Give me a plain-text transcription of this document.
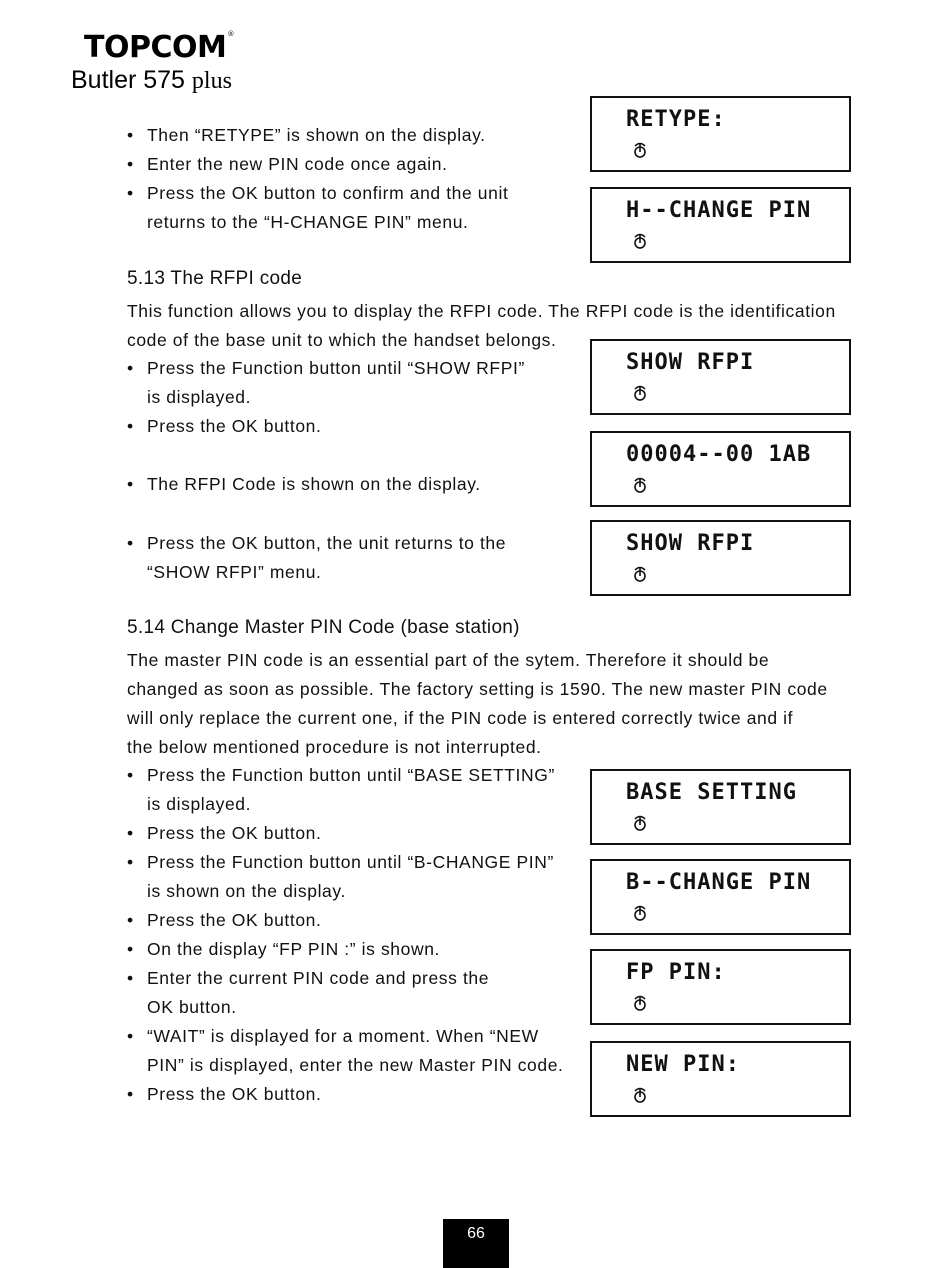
TOPCOM®
Butler 575 plus
• Then “RETYPE” is shown on the display.
• Enter the new PIN code once again.
• Press the OK button to confirm and the unit
returns to the “H-CHANGE PIN” menu.
5.13 The RFPI code
This function allows you to display the RFPI code. The RFPI code is the identification
code of the base unit to which the handset belongs.
• Press the Function button until “SHOW RFPI”
is displayed.
• Press the OK button.
• The RFPI Code is shown on the display.
• Press the OK button, the unit returns to the
“SHOW RFPI” menu.
5.14 Change Master PIN Code (base station)
The master PIN code is an essential part of the sytem. Therefore it should be
changed as soon as possible. The factory setting is 1590. The new master PIN code
will only replace the current one, if the PIN code is entered correctly twice and if
the below mentioned procedure is not interrupted.
• Press the Function button until “BASE SETTING”
is displayed.
• Press the OK button.
• Press the Function button until “B-CHANGE PIN”
is shown on the display.
• Press the OK button.
• On the display “FP PIN :” is shown.
• Enter the current PIN code and press the
OK button.
• “WAIT” is displayed for a moment. When “NEW
PIN” is displayed, enter the new Master PIN code.
• Press the OK button.
RETYPE:
H--CHANGE PIN
SHOW RFPI
00004--00 1AB
SHOW RFPI
BASE SETTING
B--CHANGE PIN
FP PIN:
NEW PIN:
66
